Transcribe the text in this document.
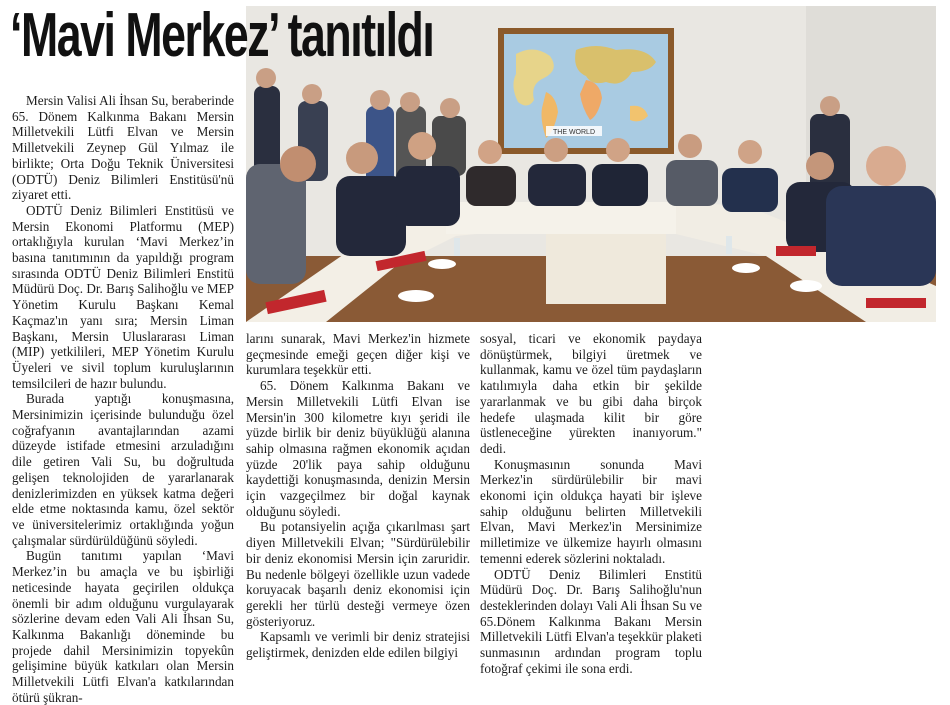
‘Mavi Merkez’ tanıtıldı
THE WORLD

Mersin Valisi Ali İhsan Su, beraberinde 65. Dönem Kalkınma Bakanı Mersin Milletvekili Lütfi Elvan ve Mersin Milletvekili Zeynep Gül Yılmaz ile birlikte; Orta Doğu Teknik Üniversitesi (ODTÜ) Deniz Bilimleri Enstitüsü'nü ziyaret etti.

ODTÜ Deniz Bilimleri Enstitüsü ve Mersin Ekonomi Platformu (MEP) ortaklığıyla kurulan ‘Mavi Merkez’in basına tanıtımının da yapıldığı program sırasında ODTÜ Deniz Bilimleri Enstitü Müdürü Doç. Dr. Barış Salihoğlu ve MEP Yönetim Kurulu Başkanı Kemal Kaçmaz'ın yanı sıra; Mersin Liman Başkanı, Mersin Uluslararası Liman (MIP) yetkilileri, MEP Yönetim Kurulu Üyeleri ve sivil toplum kuruluşlarının temsilcileri de hazır bulundu.

Burada yaptığı konuşmasına, Mersinimizin içerisinde bulunduğu özel coğrafyanın avantajlarından azami düzeyde istifade etmesini arzuladığını dile getiren Vali Su, bu doğrultuda gelişen teknolojiden de yararlanarak denizlerimizden en yüksek katma değeri elde etme noktasında kamu, özel sektör ve üniversitelerimiz ortaklığında yoğun çalışmalar sürdürüldüğünü söyledi.

Bugün tanıtımı yapılan ‘Mavi Merkez’in bu amaçla ve bu işbirliği neticesinde hayata geçirilen oldukça önemli bir adım olduğunu vurgulayarak sözlerine devam eden Vali Ali İhsan Su, Kalkınma Bakanlığı döneminde bu projede dahil Mersinimizin topyekûn gelişimine büyük katkıları olan Mersin Milletvekili Lütfi Elvan'a katkılarından ötürü şükran-

larını sunarak, Mavi Merkez'in hizmete geçmesinde emeği geçen diğer kişi ve kurumlara teşekkür etti.

65. Dönem Kalkınma Bakanı ve Mersin Milletvekili Lütfi Elvan ise Mersin'in 300 kilometre kıyı şeridi ile yüzde birlik bir deniz büyüklüğü alanına sahip olmasına rağmen ekonomik açıdan yüzde 20'lik paya sahip olduğunu kaydettiği konuşmasında, denizin Mersin için vazgeçilmez bir doğal kaynak olduğunu söyledi.

Bu potansiyelin açığa çıkarılması şart diyen Milletvekili Elvan; "Sürdürülebilir bir deniz ekonomisi Mersin için zaruridir. Bu nedenle bölgeyi özellikle uzun vadede koruyacak başarılı deniz ekonomisi için gerekli her türlü desteği vermeye özen gösteriyoruz.

Kapsamlı ve verimli bir deniz stratejisi geliştirmek, denizden elde edilen bilgiyi

sosyal, ticari ve ekonomik paydaya dönüştürmek, bilgiyi üretmek ve kullanmak, kamu ve özel tüm paydaşların katılımıyla daha etkin bir şekilde yararlanmak ve bu gibi daha birçok hedefe ulaşmada kilit bir göre üstleneceğine yürekten inanıyorum." dedi.

Konuşmasının sonunda Mavi Merkez'in sürdürülebilir bir mavi ekonomi için oldukça hayati bir işleve sahip olduğunu belirten Milletvekili Elvan, Mavi Merkez'in Mersinimize milletimize ve ülkemize hayırlı olmasını temenni ederek sözlerini noktaladı.

ODTÜ Deniz Bilimleri Enstitü Müdürü Doç. Dr. Barış Salihoğlu'nun desteklerinden dolayı Vali Ali İhsan Su ve 65.Dönem Kalkınma Bakanı Mersin Milletvekili Lütfi Elvan'a teşekkür plaketi sunmasının ardından program toplu fotoğraf çekimi ile sona erdi.
